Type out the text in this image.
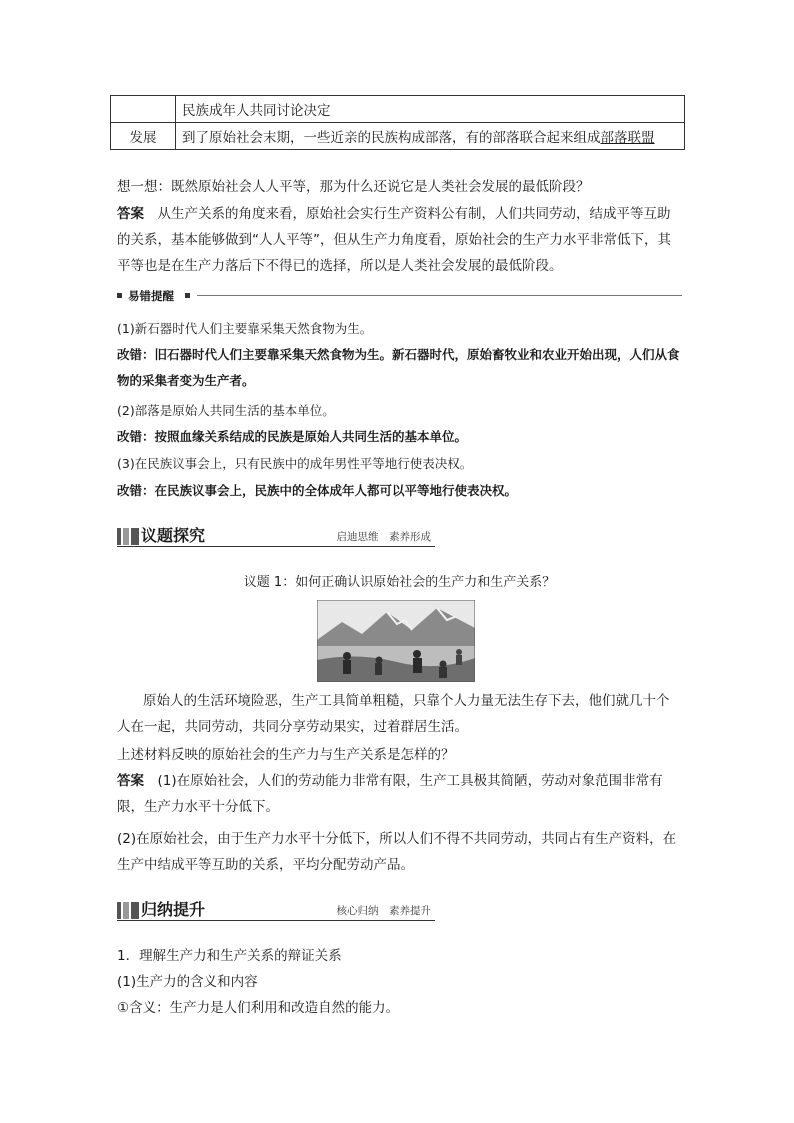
	民族成年人共同讨论决定
发展	到了原始社会末期，一些近亲的民族构成部落，有的部落联合起来组成部落联盟

想一想：既然原始社会人人平等，那为什么还说它是人类社会发展的最低阶段？

答案　从生产关系的角度来看，原始社会实行生产资料公有制，人们共同劳动，结成平等互助的关系，基本能够做到“人人平等”，但从生产力角度看，原始社会的生产力水平非常低下，其平等也是在生产力落后下不得已的选择，所以是人类社会发展的最低阶段。

易错提醒

(1)新石器时代人们主要靠采集天然食物为生。

改错：旧石器时代人们主要靠采集天然食物为生。新石器时代，原始畜牧业和农业开始出现，人们从食物的采集者变为生产者。

(2)部落是原始人共同生活的基本单位。

改错：按照血缘关系结成的民族是原始人共同生活的基本单位。

(3)在民族议事会上，只有民族中的成年男性平等地行使表决权。

改错：在民族议事会上，民族中的全体成年人都可以平等地行使表决权。

议题探究	启迪思维　素养形成

议题 1：如何正确认识原始社会的生产力和生产关系？

原始人的生活环境险恶，生产工具简单粗糙，只靠个人力量无法生存下去，他们就几十个人在一起，共同劳动，共同分享劳动果实，过着群居生活。

上述材料反映的原始社会的生产力与生产关系是怎样的？

答案　(1)在原始社会，人们的劳动能力非常有限，生产工具极其简陋，劳动对象范围非常有限，生产力水平十分低下。

(2)在原始社会，由于生产力水平十分低下，所以人们不得不共同劳动，共同占有生产资料，在生产中结成平等互助的关系，平均分配劳动产品。

归纳提升	核心归纳　素养提升

1．理解生产力和生产关系的辩证关系

(1)生产力的含义和内容

①含义：生产力是人们利用和改造自然的能力。
